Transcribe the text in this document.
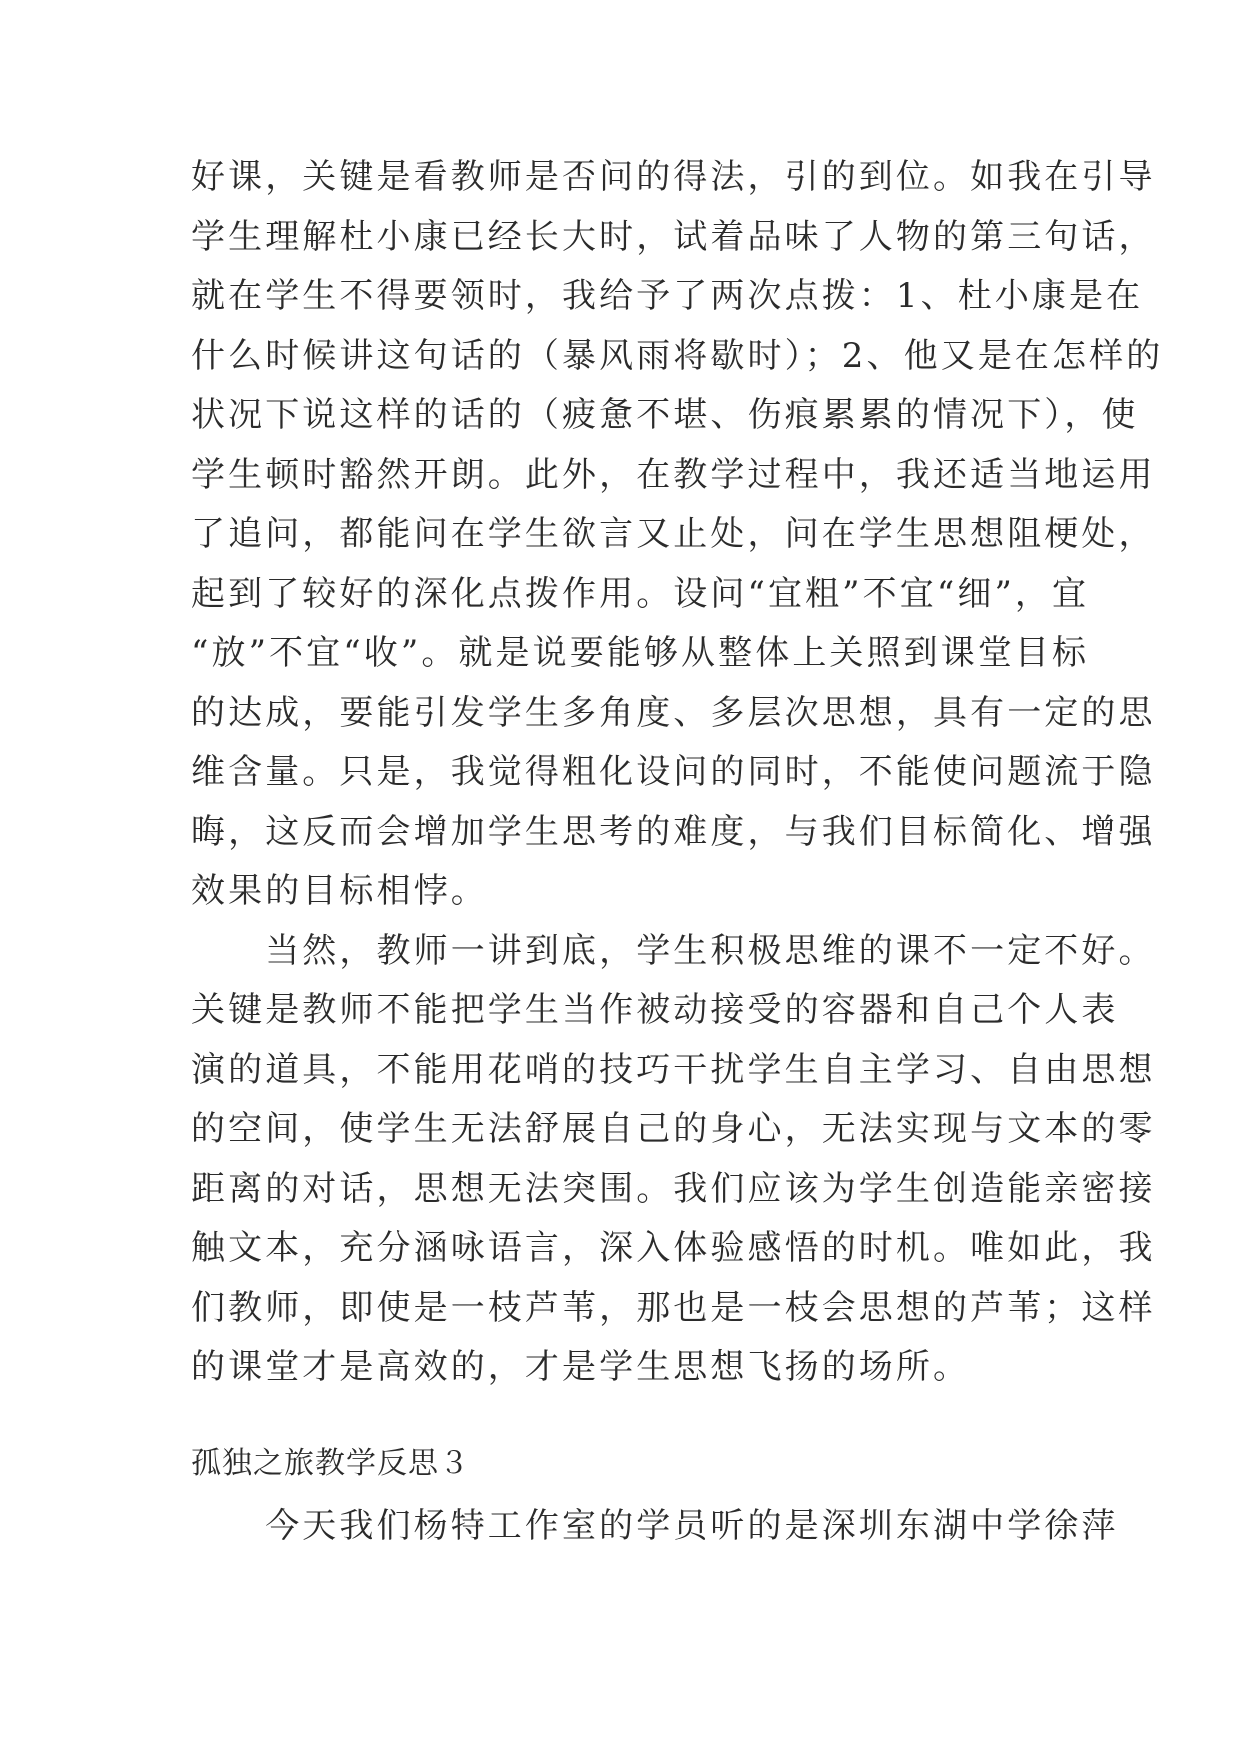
好课，关键是看教师是否问的得法，引的到位。如我在引导
学生理解杜小康已经长大时，试着品味了人物的第三句话，
就在学生不得要领时，我给予了两次点拨：1、杜小康是在
什么时候讲这句话的（暴风雨将歇时）；2、他又是在怎样的
状况下说这样的话的（疲惫不堪、伤痕累累的情况下），使
学生顿时豁然开朗。此外，在教学过程中，我还适当地运用
了追问，都能问在学生欲言又止处，问在学生思想阻梗处，
起到了较好的深化点拨作用。设问“宜粗”不宜“细”，宜
“放”不宜“收”。就是说要能够从整体上关照到课堂目标
的达成，要能引发学生多角度、多层次思想，具有一定的思
维含量。只是，我觉得粗化设问的同时，不能使问题流于隐
晦，这反而会增加学生思考的难度，与我们目标简化、增强
效果的目标相悖。
　　当然，教师一讲到底，学生积极思维的课不一定不好。
关键是教师不能把学生当作被动接受的容器和自己个人表
演的道具，不能用花哨的技巧干扰学生自主学习、自由思想
的空间，使学生无法舒展自己的身心，无法实现与文本的零
距离的对话，思想无法突围。我们应该为学生创造能亲密接
触文本，充分涵咏语言，深入体验感悟的时机。唯如此，我
们教师，即使是一枝芦苇，那也是一枝会思想的芦苇；这样
的课堂才是高效的，才是学生思想飞扬的场所。
孤独之旅教学反思３
　　今天我们杨特工作室的学员听的是深圳东湖中学徐萍
